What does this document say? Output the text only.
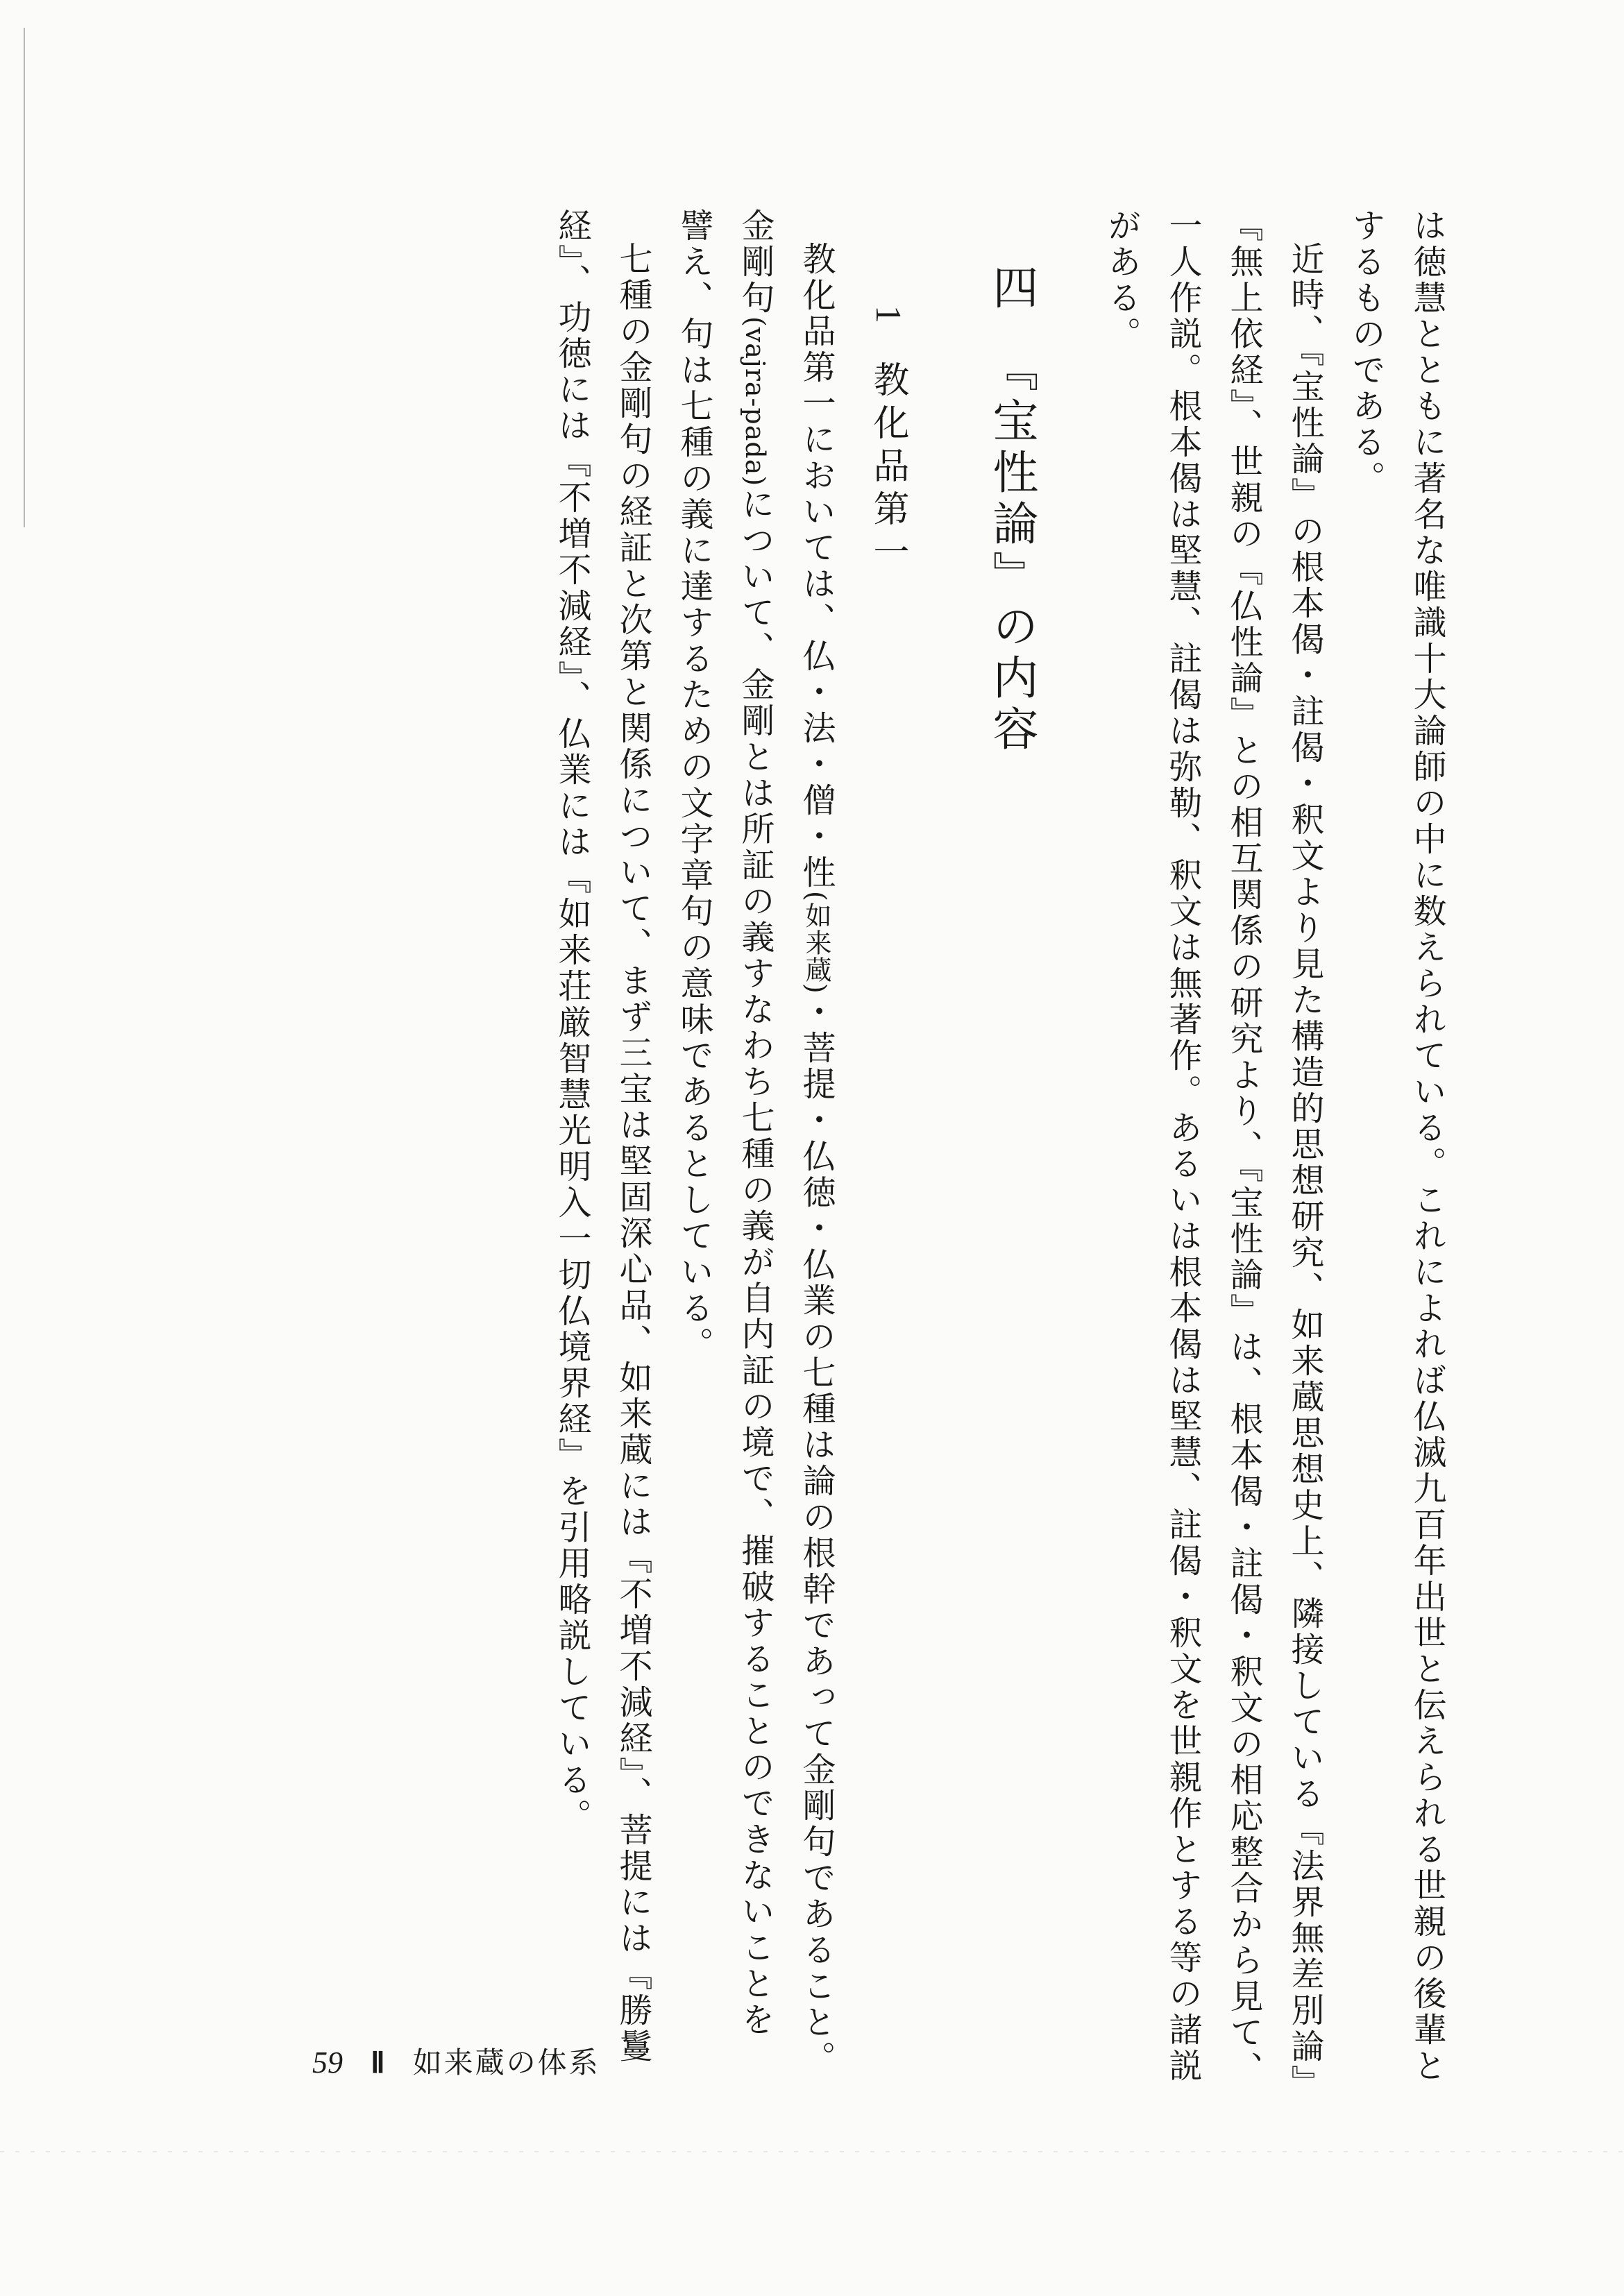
は徳慧とともに著名な唯識十大論師の中に数えられている。これによれば仏滅九百年出世と伝えられる世親の後輩と

するものである。

近時、『宝性論』の根本偈・註偈・釈文より見た構造的思想研究、如来蔵思想史上、隣接している『法界無差別論』

『無上依経』、世親の『仏性論』との相互関係の研究より、『宝性論』は、根本偈・註偈・釈文の相応整合から見て、

一人作説。根本偈は堅慧、註偈は弥勒、釈文は無著作。あるいは根本偈は堅慧、註偈・釈文を世親作とする等の諸説

がある。

四『宝性論』の内容
1教化品第一

教化品第一においては、仏・法・僧・性(如来蔵)・菩提・仏徳・仏業の七種は論の根幹であって金剛句であること。

金剛句(vajra-pada)について、金剛とは所証の義すなわち七種の義が自内証の境で、摧破することのできないことを

譬え、句は七種の義に達するための文字章句の意味であるとしている。

七種の金剛句の経証と次第と関係について、まず三宝は堅固深心品、如来蔵には『不増不減経』、菩提には『勝鬘

経』、功徳には『不増不減経』、仏業には『如来荘厳智慧光明入一切仏境界経』を引用略説している。

59 Ⅱ 如来蔵の体系
